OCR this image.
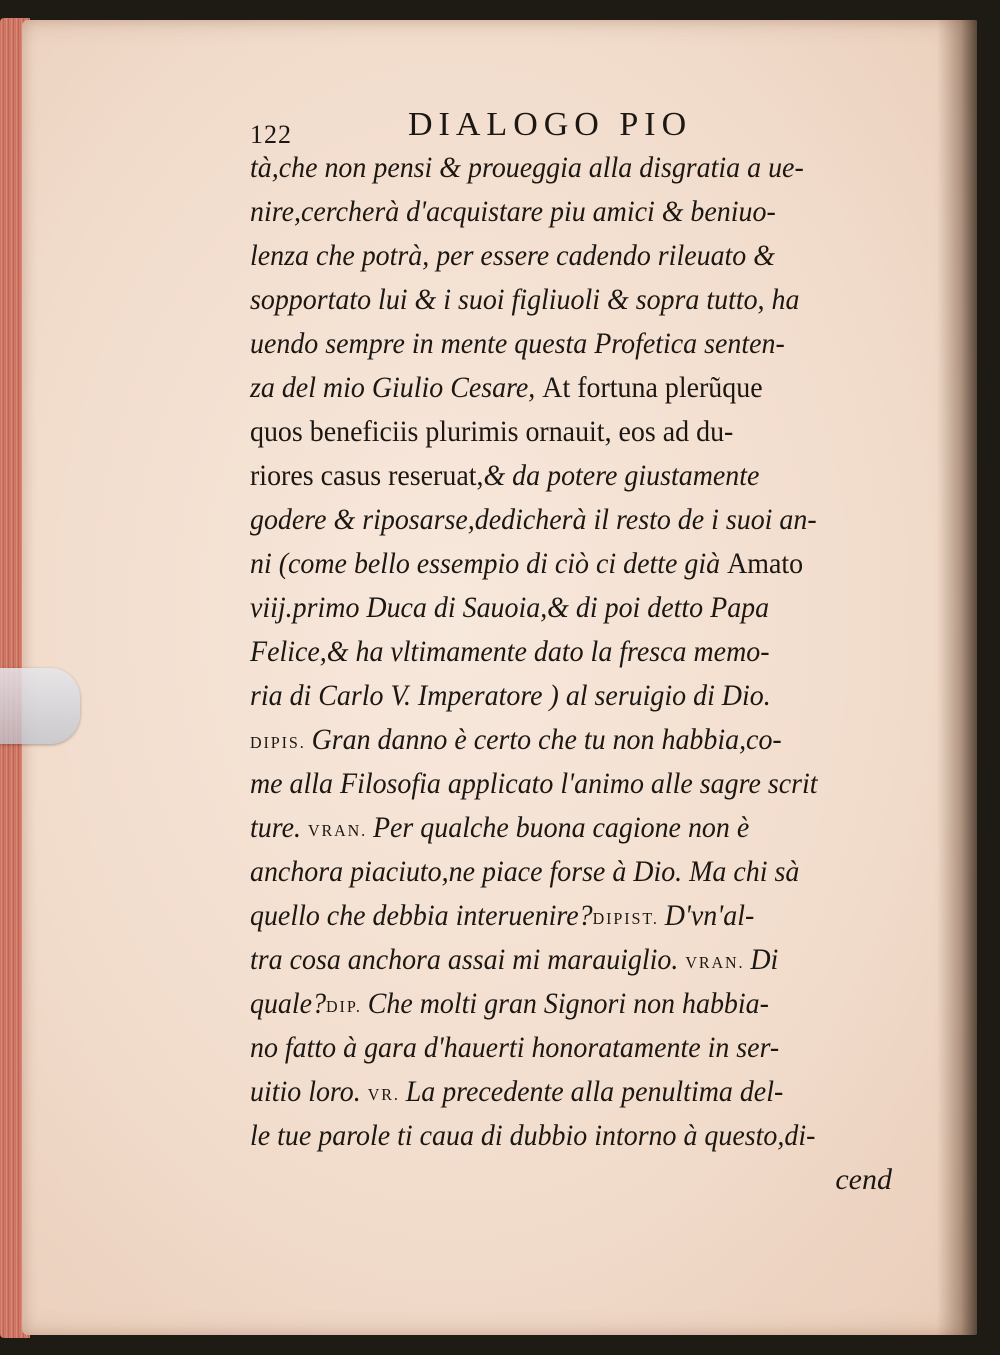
122	DIALOGO PIO
tà,che non pensi & proueggia alla disgratia a ue-
nire,cercherà d'acquistare piu amici & beniuo-
lenza che potrà, per essere cadendo rileuato &
sopportato lui & i suoi figliuoli & sopra tutto, ha
uendo sempre in mente questa Profetica senten-
za del mio Giulio Cesare, At fortuna plerũque
quos beneficiis plurimis ornauit, eos ad du-
riores casus reseruat,& da potere giustamente
godere & riposarse,dedicherà il resto de i suoi an-
ni (come bello essempio di ciò ci dette già Amato
viij.primo Duca di Sauoia,& di poi detto Papa
Felice,& ha vltimamente dato la fresca memo-
ria di Carlo V. Imperatore ) al seruigio di Dio.
DIPIS. Gran danno è certo che tu non habbia,co-
me alla Filosofia applicato l'animo alle sagre scrit
ture. VRAN. Per qualche buona cagione non è
anchora piaciuto,ne piace forse à Dio. Ma chi sà
quello che debbia interuenire?DIPIST. D'vn'al-
tra cosa anchora assai mi marauiglio. VRAN. Di
quale?DIP. Che molti gran Signori non habbia-
no fatto à gara d'hauerti honoratamente in ser-
uitio loro. VR. La precedente alla penultima del-
le tue parole ti caua di dubbio intorno à questo,di-
cend
